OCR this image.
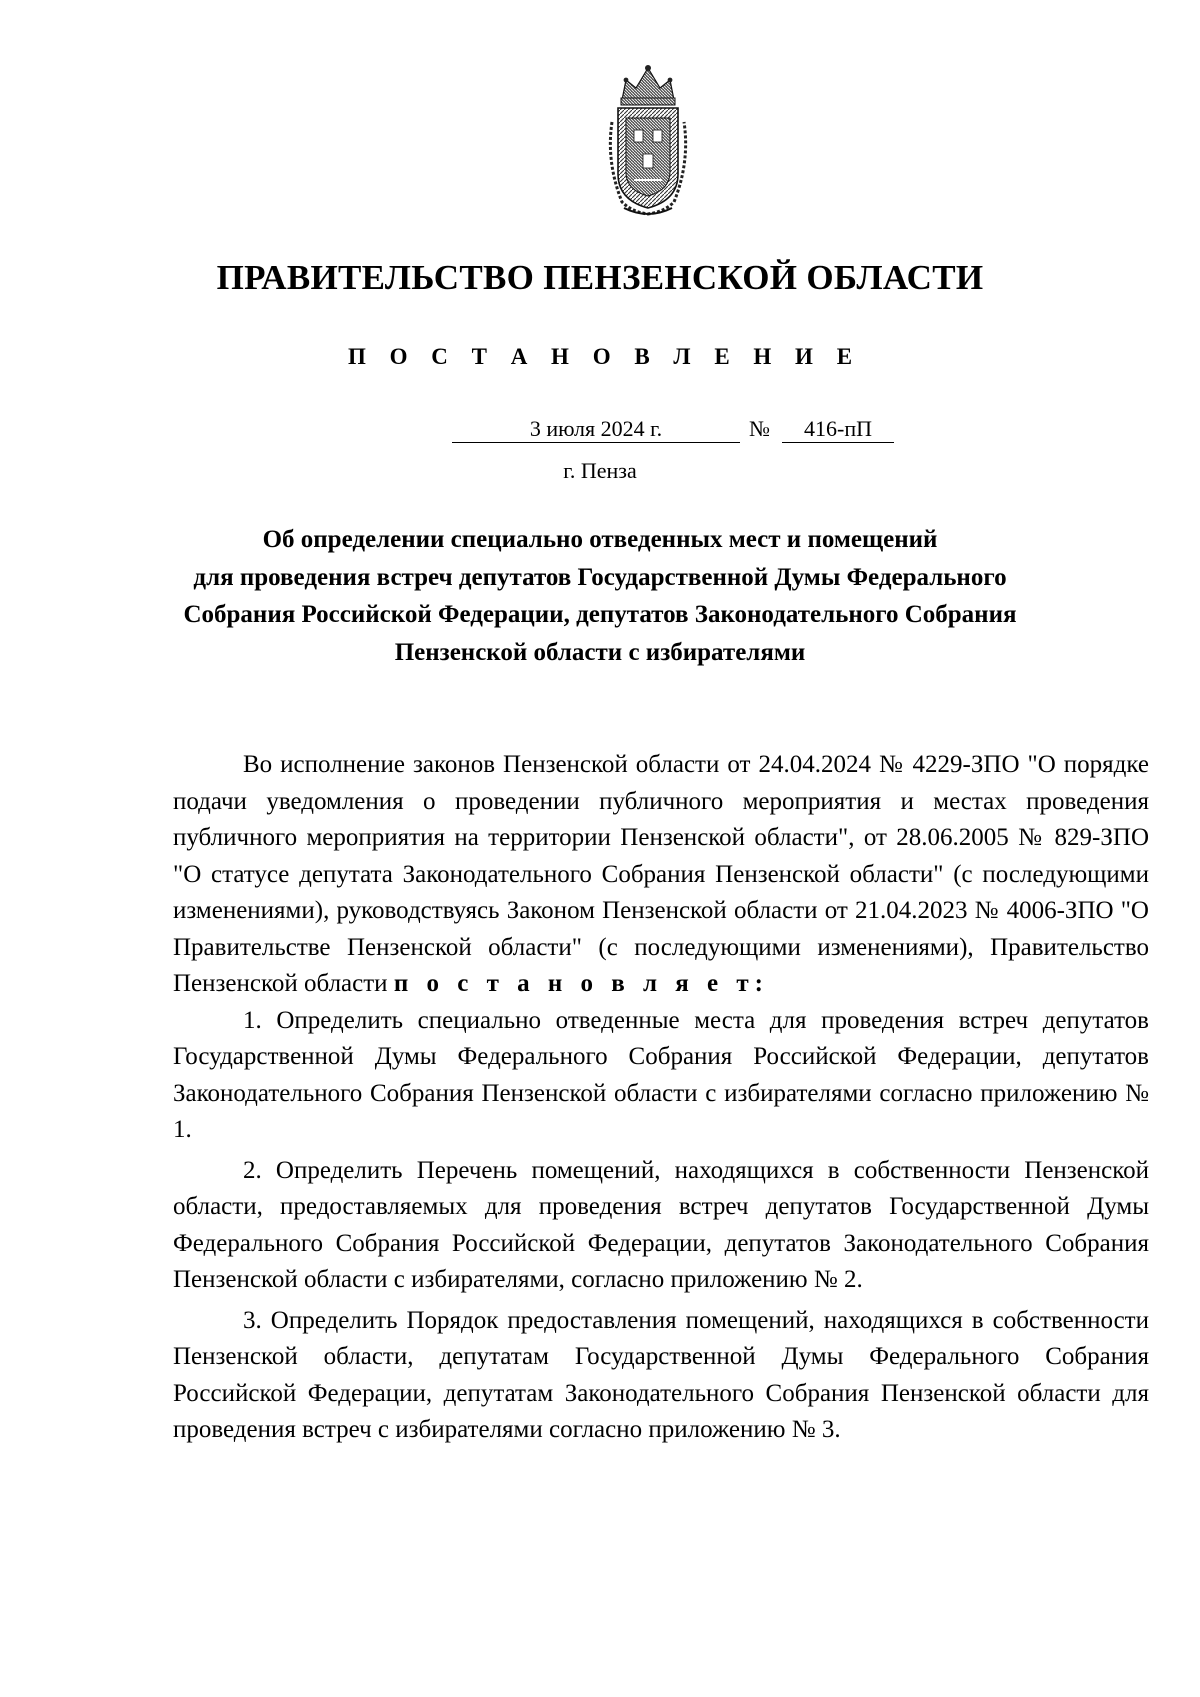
ПРАВИТЕЛЬСТВО ПЕНЗЕНСКОЙ ОБЛАСТИ
П О С Т А Н О В Л Е Н И Е
3 июля 2024 г.	№	416-пП
г. Пенза
Об определении специально отведенных мест и помещений
для проведения встреч депутатов Государственной Думы Федерального
Собрания Российской Федерации, депутатов Законодательного Собрания
Пензенской области с избирателями

Во исполнение законов Пензенской области от 24.04.2024 № 4229-ЗПО "О порядке подачи уведомления о проведении публичного мероприятия и местах проведения публичного мероприятия на территории Пензенской области", от 28.06.2005 № 829-ЗПО "О статусе депутата Законодательного Собрания Пензенской области" (с последующими изменениями), руководствуясь Законом Пензенской области от 21.04.2023 № 4006-ЗПО "О Правительстве Пензенской области" (с последующими изменениями), Правительство Пензенской области п о с т а н о в л я е т:

1. Определить специально отведенные места для проведения встреч депутатов Государственной Думы Федерального Собрания Российской Федерации, депутатов Законодательного Собрания Пензенской области с избирателями согласно приложению № 1.

2. Определить Перечень помещений, находящихся в собственности Пензенской области, предоставляемых для проведения встреч депутатов Государственной Думы Федерального Собрания Российской Федерации, депутатов Законодательного Собрания Пензенской области с избирателями, согласно приложению № 2.

3. Определить Порядок предоставления помещений, находящихся в собственности Пензенской области, депутатам Государственной Думы Федерального Собрания Российской Федерации, депутатам Законодательного Собрания Пензенской области для проведения встреч с избирателями согласно приложению № 3.
